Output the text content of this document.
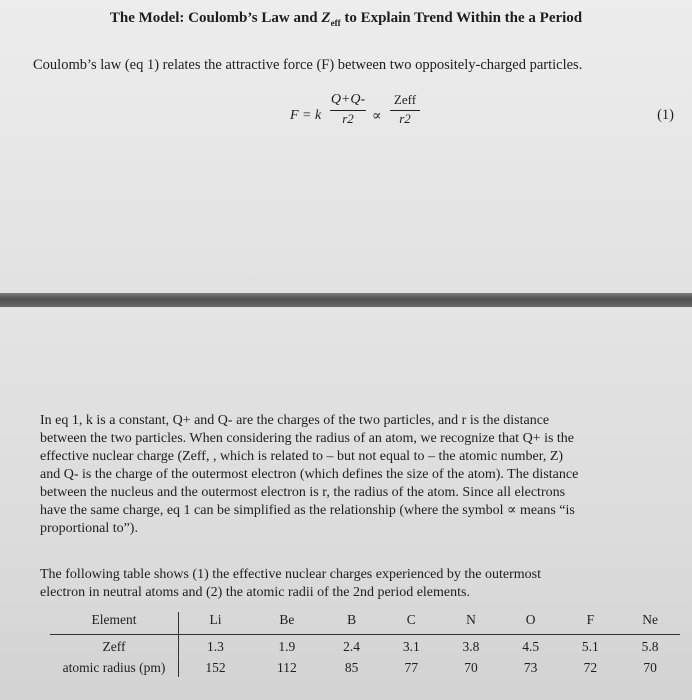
The Model: Coulomb’s Law and $Z_{eff}$ to Explain Trend Within the a Period
Coulomb’s law (eq 1) relates the attractive force (F) between two oppositely-charged particles.
F = k
Q+Q-
r2	∝
Zeff
r2	(1)
In eq 1, k is a constant, Q+ and Q- are the charges of the two particles, and r is the distance
between the two particles. When considering the radius of an atom, we recognize that Q+ is the
effective nuclear charge (Zeff, , which is related to – but not equal to – the atomic number, Z)
and Q- is the charge of the outermost electron (which defines the size of the atom). The distance
between the nucleus and the outermost electron is r, the radius of the atom. Since all electrons
have the same charge, eq 1 can be simplified as the relationship (where the symbol ∝ means “is
proportional to”).
The following table shows (1) the effective nuclear charges experienced by the outermost
electron in neutral atoms and (2) the atomic radii of the 2nd period elements.
Element	Li	Be	B	C	N	O	F	Ne
Zeff	1.3	1.9	2.4	3.1	3.8	4.5	5.1	5.8
atomic radius (pm)	152	112	85	77	70	73	72	70
